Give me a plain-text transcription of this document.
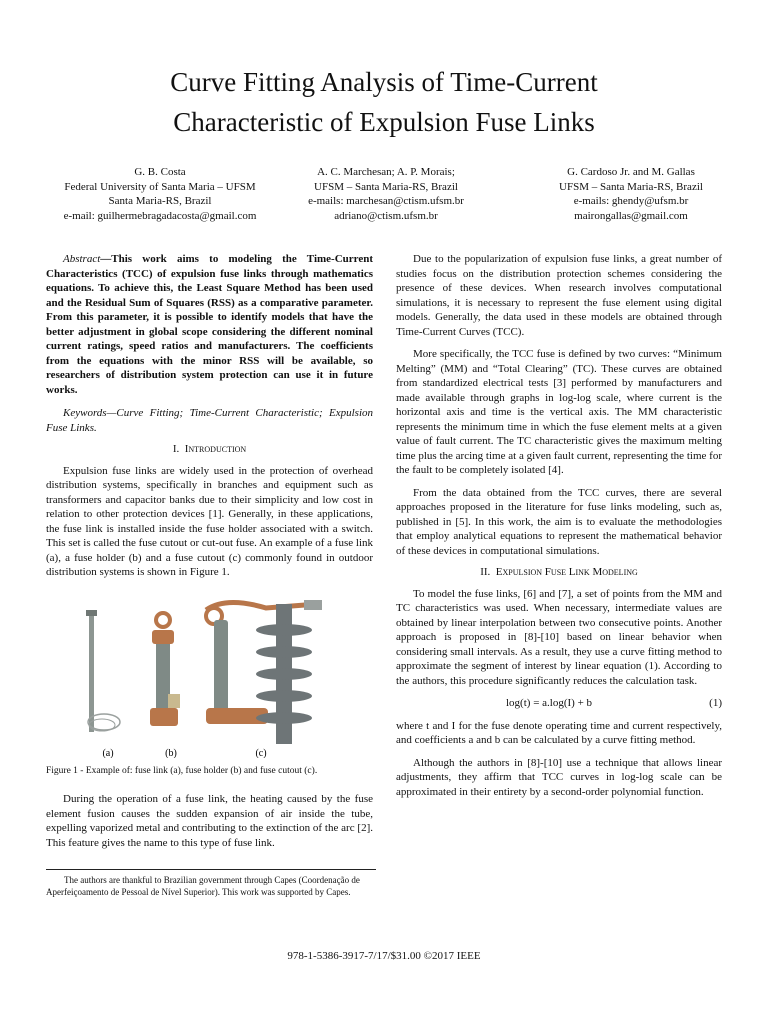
Curve Fitting Analysis of Time-Current
Characteristic of Expulsion Fuse Links
G. B. Costa
Federal University of Santa Maria – UFSM
Santa Maria-RS, Brazil
e-mail: guilhermebragadacosta@gmail.com
A. C. Marchesan; A. P. Morais;
UFSM – Santa Maria-RS, Brazil
e-mails: marchesan@ctism.ufsm.br
adriano@ctism.ufsm.br
G. Cardoso Jr. and M. Gallas
UFSM – Santa Maria-RS, Brazil
e-mails: ghendy@ufsm.br
mairongallas@gmail.com

Abstract—This work aims to modeling the Time-Current Characteristics (TCC) of expulsion fuse links through mathematics equations. To achieve this, the Least Square Method has been used and the Residual Sum of Squares (RSS) as a comparative parameter. From this parameter, it is possible to identify models that have the better adjustment in global scope considering the different nominal current ratings, speed ratios and manufacturers. The coefficients from the equations with the minor RSS will be available, so researchers of distribution system protection can use it in future works.

Keywords—Curve Fitting; Time-Current Characteristic; Expulsion Fuse Links.

I. Introduction

Expulsion fuse links are widely used in the protection of overhead distribution systems, specifically in branches and equipment such as transformers and capacitor banks due to their simplicity and low cost in relation to other protection devices [1]. Generally, in these applications, the fuse link is installed inside the fuse holder associated with a switch. This set is called the fuse cutout or cut-out fuse. An example of a fuse link (a), a fuse holder (b) and a fuse cutout (c) commonly found in outdoor distribution systems is shown in Figure 1.

(a)	(b)	(c)
Figure 1 - Example of: fuse link (a), fuse holder (b) and fuse cutout (c).

During the operation of a fuse link, the heating caused by the fuse element fusion causes the sudden expansion of air inside the tube, expelling vaporized metal and contributing to the extinction of the arc [2]. This feature gives the name to this type of fuse link.

The authors are thankful to Brazilian government through Capes (Coordenação de Aperfeiçoamento de Pessoal de Nível Superior). This work was supported by Capes.

Due to the popularization of expulsion fuse links, a great number of studies focus on the distribution protection schemes considering the presence of these devices. When research involves computational simulations, it is necessary to represent the fuse element using digital models. Generally, the data used in these models are obtained through Time-Current Curves (TCC).

More specifically, the TCC fuse is defined by two curves: “Minimum Melting” (MM) and “Total Clearing” (TC). These curves are obtained from standardized electrical tests [3] performed by manufacturers and made available through graphs in log-log scale, where current is the horizontal axis and time is the vertical axis. The MM characteristic represents the minimum time in which the fuse element melts at a given value of fault current. The TC characteristic gives the maximum melting time plus the arcing time at a given fault current, representing the time for the fault to be completely isolated [4].

From the data obtained from the TCC curves, there are several approaches proposed in the literature for fuse links modeling, such as, published in [5]. In this work, the aim is to evaluate the methodologies that employ analytical equations to represent the mathematical behavior of these devices in computational simulations.

II. Expulsion Fuse Link Modeling

To model the fuse links, [6] and [7], a set of points from the MM and TC characteristics was used. When necessary, intermediate values are obtained by linear interpolation between two consecutive points. Another approach is proposed in [8]-[10] based on linear behavior when considering small intervals. As a result, they use a curve fitting method to approximate the segment of interest by linear equation (1). According to the authors, this procedure significantly reduces the calculation task.

log(t) = a.log(I) + b	(1)

where t and I for the fuse denote operating time and current respectively, and coefficients a and b can be calculated by a curve fitting method.

Although the authors in [8]-[10] use a technique that allows linear adjustments, they affirm that TCC curves in log-log scale can be approximated in their entirety by a second-order polynomial function.

978-1-5386-3917-7/17/$31.00 ©2017 IEEE
